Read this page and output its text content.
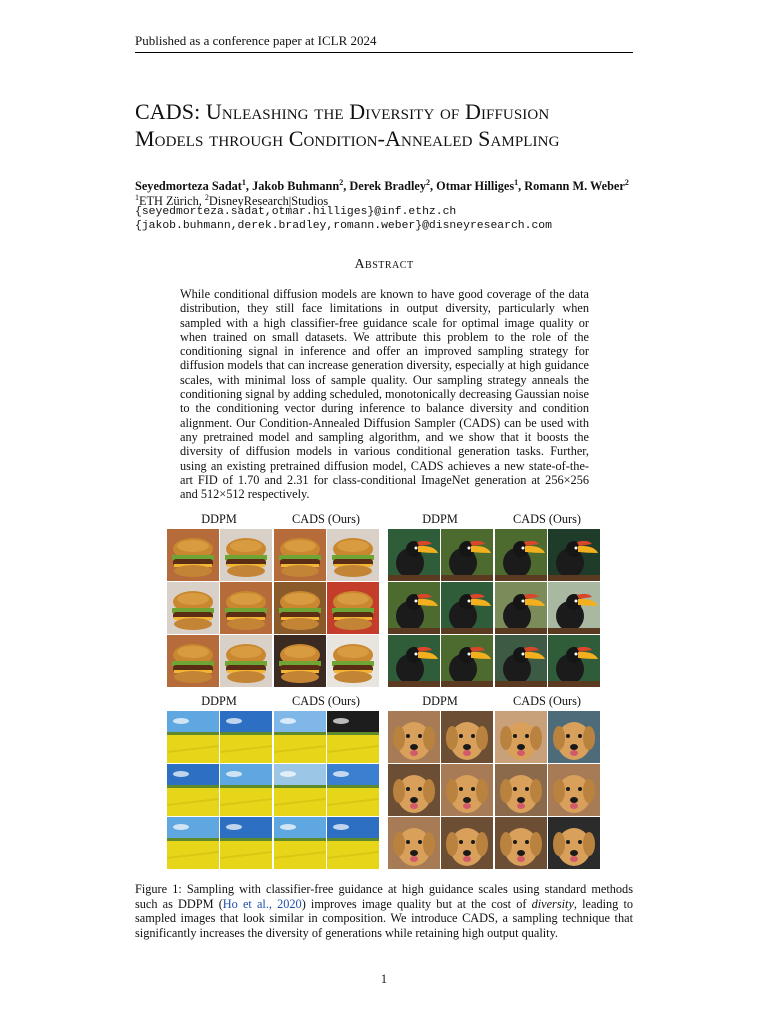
Published as a conference paper at ICLR 2024
CADS: Unleashing the Diversity of Diffusion
Models through Condition-Annealed Sampling
Seyedmorteza Sadat$^1$, Jakob Buhmann$^2$, Derek Bradley$^2$, Otmar Hilliges$^1$, Romann M. Weber$^2$
$^1$ETH Zürich, $^2$DisneyResearch|Studios
{seyedmorteza.sadat,otmar.hilliges}@inf.ethz.ch
{jakob.buhmann,derek.bradley,romann.weber}@disneyresearch.com
Abstract
While conditional diffusion models are known to have good coverage of the data distribution, they still face limitations in output diversity, particularly when sampled with a high classifier-free guidance scale for optimal image quality or when trained on small datasets. We attribute this problem to the role of the conditioning signal in inference and offer an improved sampling strategy for diffusion models that can increase generation diversity, especially at high guidance scales, with minimal loss of sample quality. Our sampling strategy anneals the conditioning signal by adding scheduled, monotonically decreasing Gaussian noise to the conditioning vector during inference to balance diversity and condition alignment. Our Condition-Annealed Diffusion Sampler (CADS) can be used with any pretrained model and sampling algorithm, and we show that it boosts the diversity of diffusion models in various conditional generation tasks. Further, using an existing pretrained diffusion model, CADS achieves a new state-of-the-art FID of 1.70 and 2.31 for class-conditional ImageNet generation at 256×256 and 512×512 respectively.
DDPM	CADS (Ours)	DDPM	CADS (Ours)
DDPM	CADS (Ours)	DDPM	CADS (Ours)
Figure 1: Sampling with classifier-free guidance at high guidance scales using standard methods such as DDPM (Ho et al., 2020) improves image quality but at the cost of diversity, leading to sampled images that look similar in composition. We introduce CADS, a sampling technique that significantly increases the diversity of generations while retaining high output quality.
1
